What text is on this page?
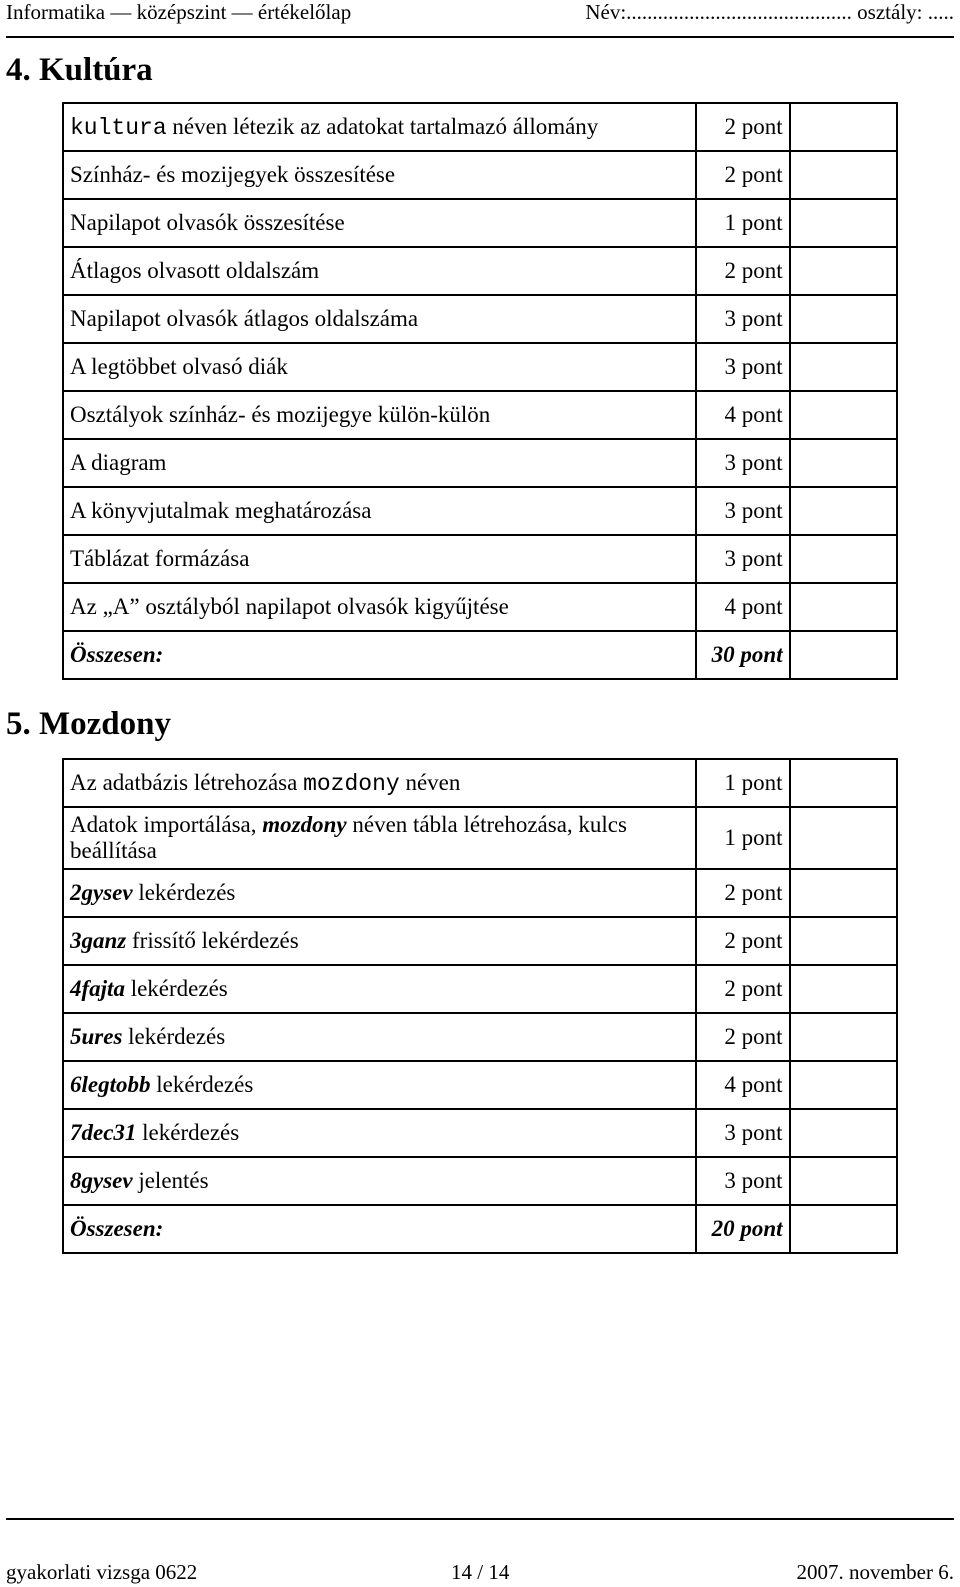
Informatika — középszint — értékelőlap	Név:........................................... osztály: .....
4. Kultúra
kultura néven létezik az adatokat tartalmazó állomány	2 pont	
Színház- és mozijegyek összesítése	2 pont	
Napilapot olvasók összesítése	1 pont	
Átlagos olvasott oldalszám	2 pont	
Napilapot olvasók átlagos oldalszáma	3 pont	
A legtöbbet olvasó diák	3 pont	
Osztályok színház- és mozijegye külön-külön	4 pont	
A diagram	3 pont	
A könyvjutalmak meghatározása	3 pont	
Táblázat formázása	3 pont	
Az „A” osztályból napilapot olvasók kigyűjtése	4 pont	
Összesen:	30 pont	
5. Mozdony
Az adatbázis létrehozása mozdony néven	1 pont	
Adatok importálása, mozdony néven tábla létrehozása, kulcs beállítása	1 pont	
2gysev lekérdezés	2 pont	
3ganz frissítő lekérdezés	2 pont	
4fajta lekérdezés	2 pont	
5ures lekérdezés	2 pont	
6legtobb lekérdezés	4 pont	
7dec31 lekérdezés	3 pont	
8gysev jelentés	3 pont	
Összesen:	20 pont	
gyakorlati vizsga 0622	14 / 14	2007. november 6.
